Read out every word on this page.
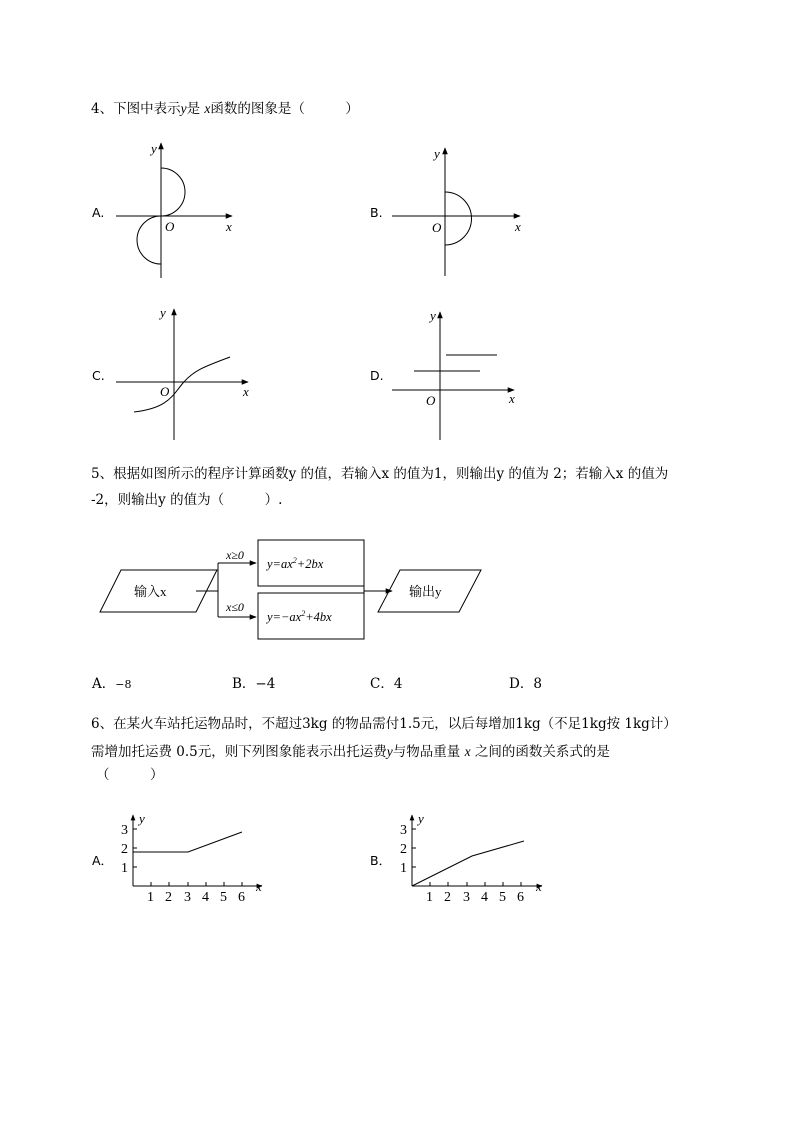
4、下图中表示y是 x函数的图象是（　　　）
A.	B.
C.	D.
x
y
O	x
y
O
x
y
O	x
y
O
5、根据如图所示的程序计算函数y 的值，若输入x 的值为1，则输出y 的值为 2；若输入x 的值为
-2，则输出y 的值为（　　　）.
输入x	输出y
x≥0
x≤0
$y=ax^2+2bx$
$y=-ax^2+4bx$
A．−8	B．−4	C．4	D．8
6、在某火车站托运物品时，不超过3kg 的物品需付1.5元，以后每增加1kg（不足1kg按 1kg计）
需增加托运费 0.5元，则下列图象能表示出托运费y与物品重量 x 之间的函数关系式的是
（　　　）
A．	B．
1 2 3 4 5 6
1
2
3
x
y
1 2 3 4 5 6
1
2
3
x
y
